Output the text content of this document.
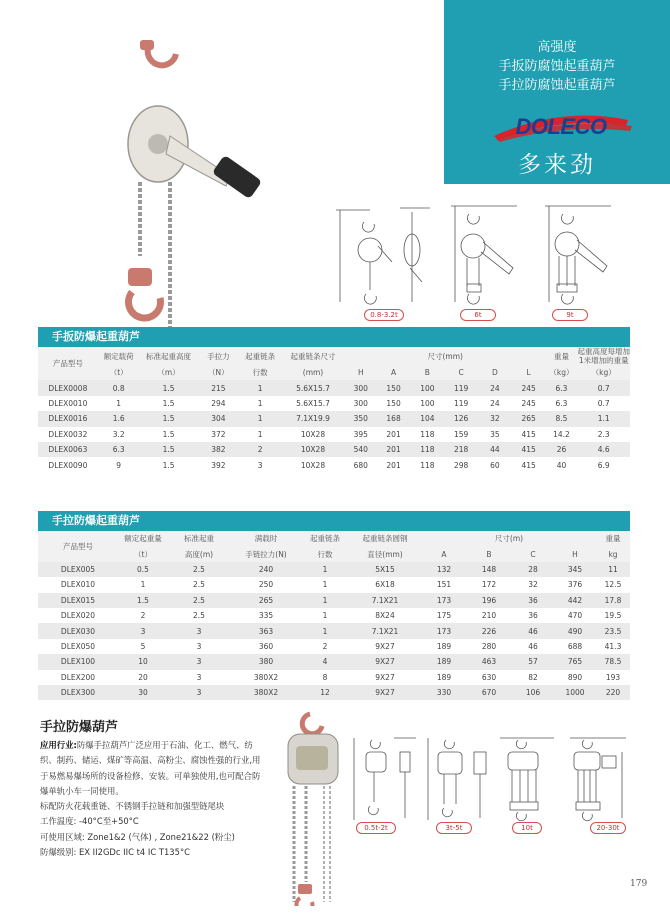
高强度
手扳防腐蚀起重葫芦
手拉防腐蚀起重葫芦
DOLECO
多来劲
0.8-3.2t	6t	9t
手扳防爆起重葫芦
产品型号	额定载荷	标准起重高度	手拉力	起重链条	起重链条尺寸	尺寸(mm)						重量	起重高度每增加
1米增加的重量
	（t）	（m）	（N）	行数	(mm)	H	A	B	C	D	L	（kg）	（kg）
DLEX0008	0.8	1.5	215	1	5.6X15.7	300	150	100	119	24	245	6.3	0.7
DLEX0010	1	1.5	294	1	5.6X15.7	300	150	100	119	24	245	6.3	0.7
DLEX0016	1.6	1.5	304	1	7.1X19.9	350	168	104	126	32	265	8.5	1.1
DLEX0032	3.2	1.5	372	1	10X28	395	201	118	159	35	415	14.2	2.3
DLEX0063	6.3	1.5	382	2	10X28	540	201	118	218	44	415	26	4.6
DLEX0090	9	1.5	392	3	10X28	680	201	118	298	60	415	40	6.9
手拉防爆起重葫芦
产品型号	额定起重量	标准起重	满载时	起重链条	起重链条圆钢	尺寸(m)				重量
	（t）	高度(m)	手链拉力(N)	行数	直径(mm)	A	B	C	H	kg
DLEX005	0.5	2.5	240	1	5X15	132	148	28	345	11
DLEX010	1	2.5	250	1	6X18	151	172	32	376	12.5
DLEX015	1.5	2.5	265	1	7.1X21	173	196	36	442	17.8
DLEX020	2	2.5	335	1	8X24	175	210	36	470	19.5
DLEX030	3	3	363	1	7.1X21	173	226	46	490	23.5
DLEX050	5	3	360	2	9X27	189	280	46	688	41.3
DLEX100	10	3	380	4	9X27	189	463	57	765	78.5
DLEX200	20	3	380X2	8	9X27	189	630	82	890	193
DLEX300	30	3	380X2	12	9X27	330	670	106	1000	220
手拉防爆葫芦
应用行业:防爆手拉葫芦广泛应用于石油、化工、燃气、纺织、制药、储运、煤矿等高温、高粉尘、腐蚀性强的行业,用于易燃易爆场所的设备检修、安装。可单独使用,也可配合防爆单轨小车一同使用。
标配防火花载重链、不锈钢手拉链和加强型链尾块
工作温度: -40°C至+50°C
可使用区域: Zone1&2 (气体) , Zone21&22 (粉尘)
防爆级别: EX II2GDc IIC t4 IC T135°C
0.5t-2t	3t-5t	10t	20-30t
179
